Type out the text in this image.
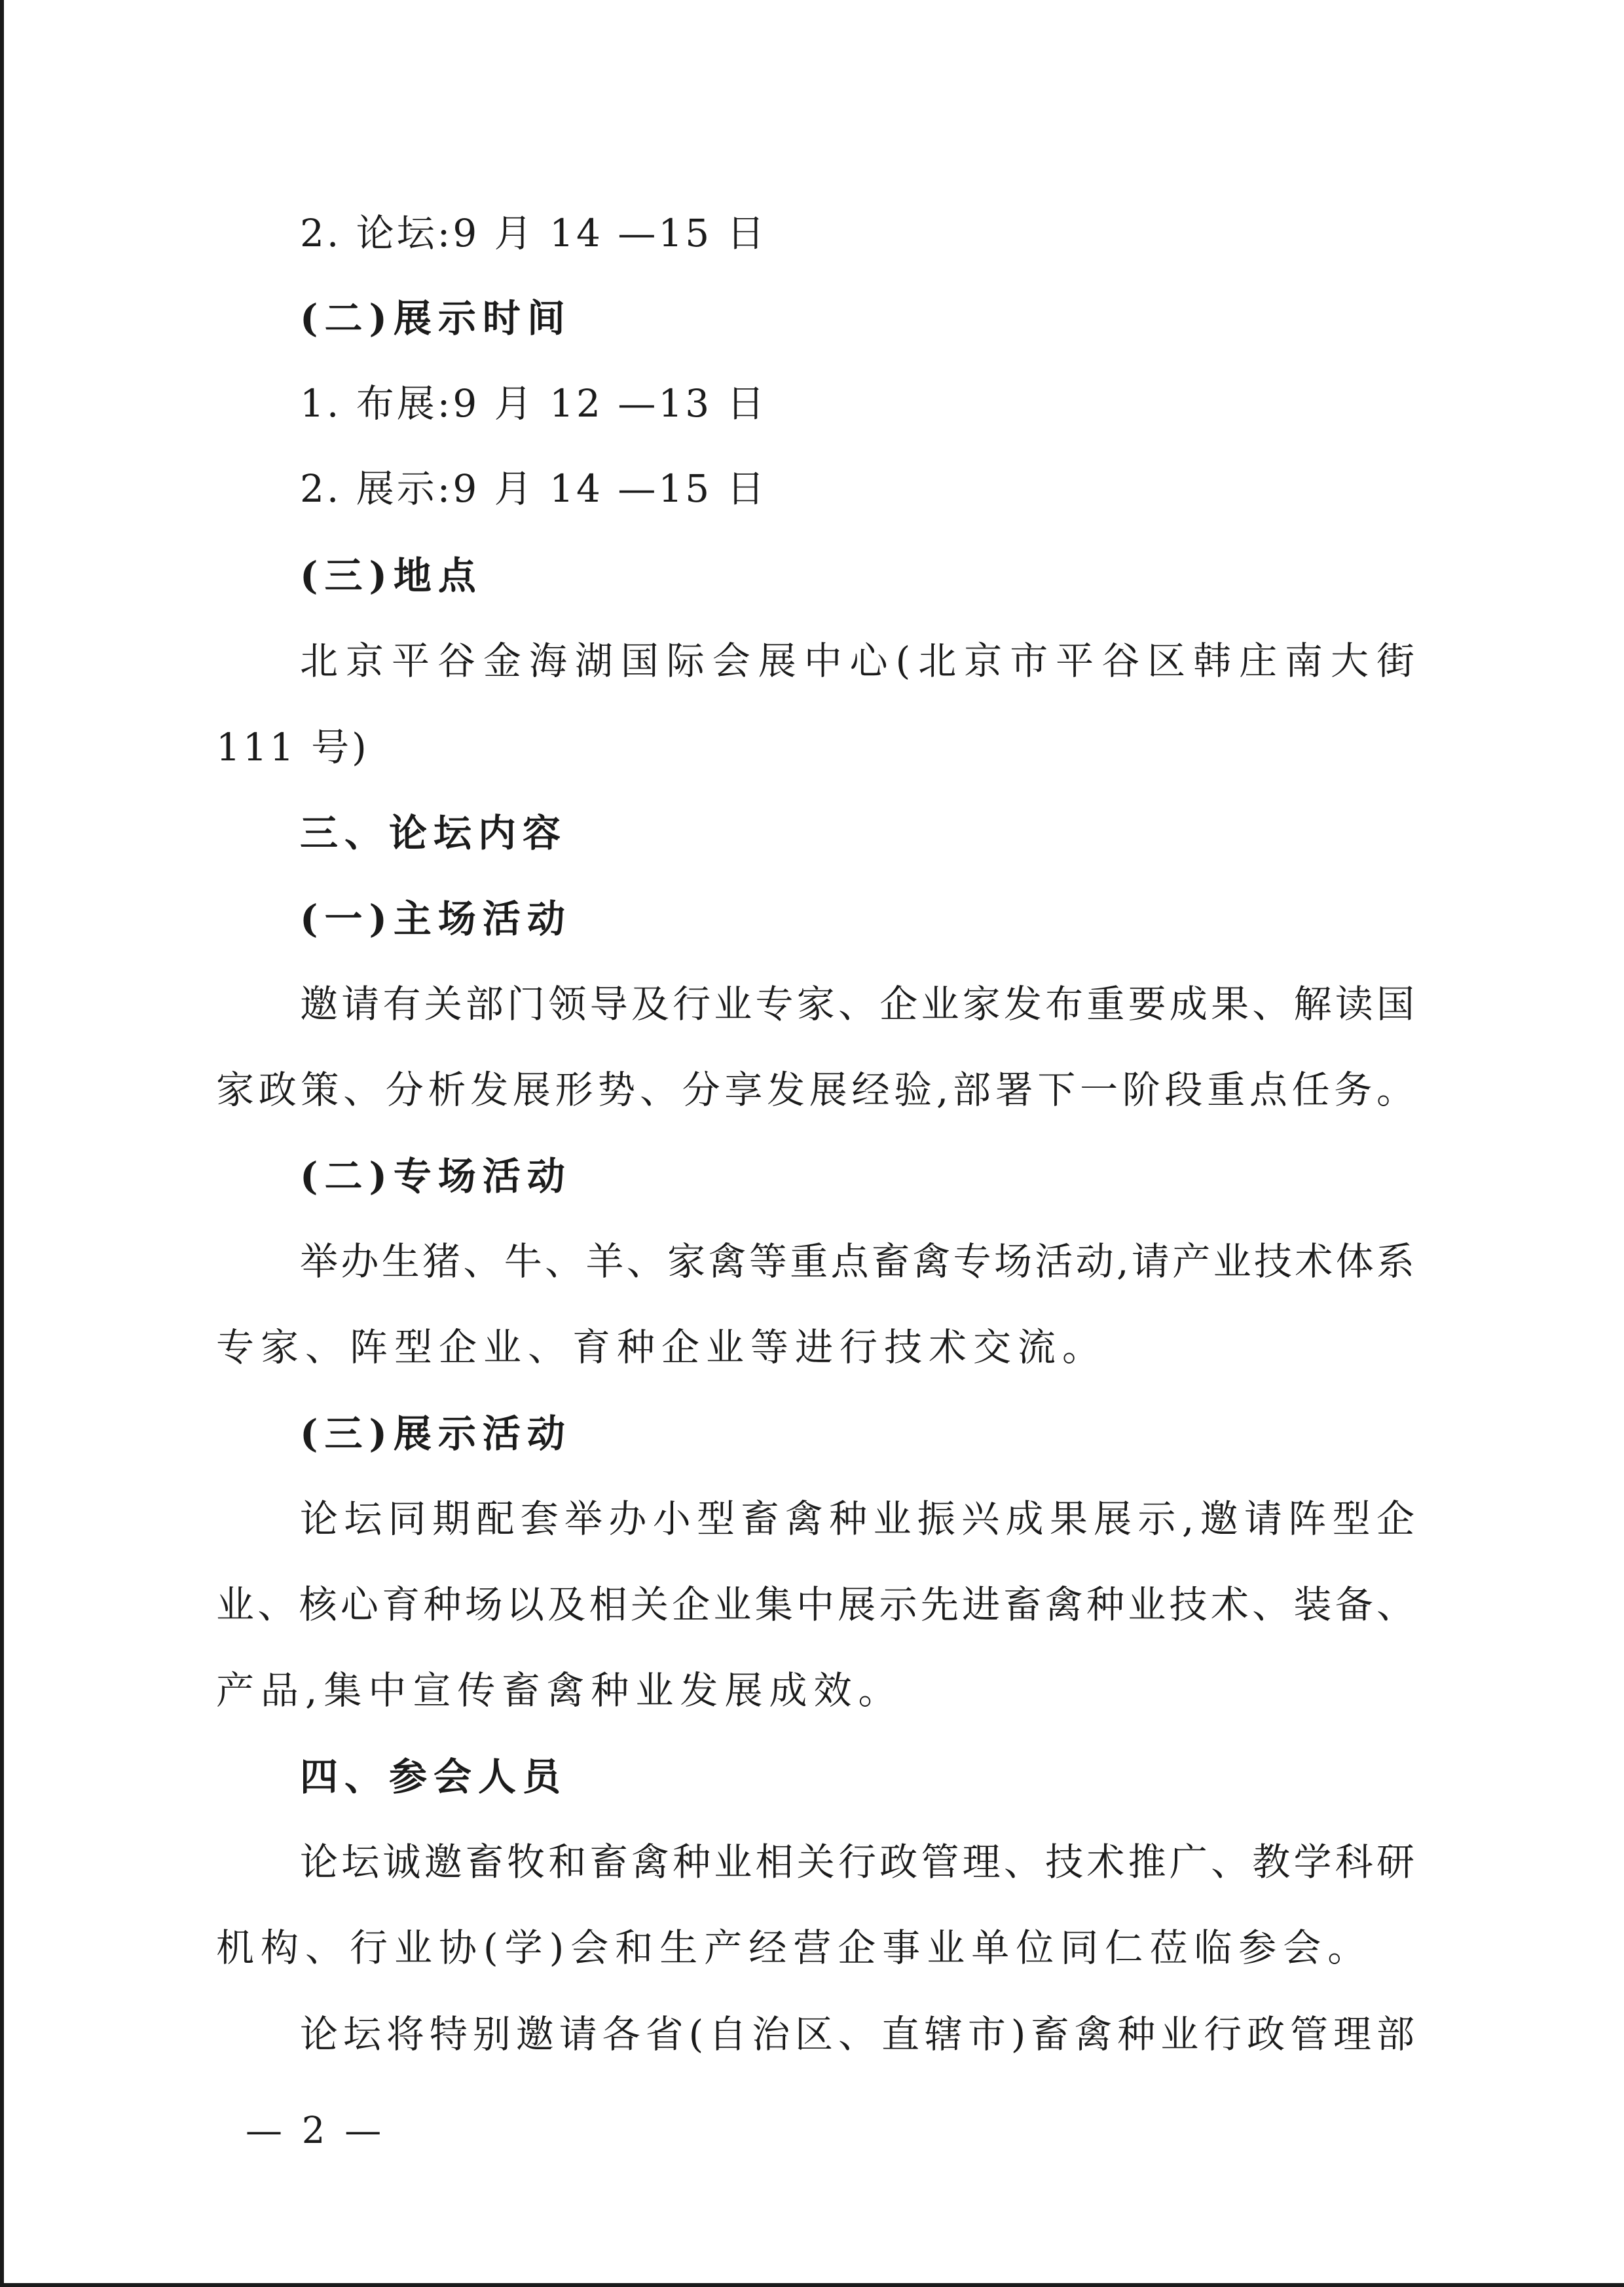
2. 论坛:9 月 14 —15 日
(二)展示时间
1. 布展:9 月 12 —13 日
2. 展示:9 月 14 —15 日
(三)地点
北京平谷金海湖国际会展中心(北京市平谷区韩庄南大街
111 号)
三、论坛内容
(一)主场活动
邀请有关部门领导及行业专家、企业家发布重要成果、解读国
家政策、分析发展形势、分享发展经验,部署下一阶段重点任务。
(二)专场活动
举办生猪、牛、羊、家禽等重点畜禽专场活动,请产业技术体系
专家、阵型企业、育种企业等进行技术交流。
(三)展示活动
论坛同期配套举办小型畜禽种业振兴成果展示,邀请阵型企
业、核心育种场以及相关企业集中展示先进畜禽种业技术、装备、
产品,集中宣传畜禽种业发展成效。
四、参会人员
论坛诚邀畜牧和畜禽种业相关行政管理、技术推广、教学科研
机构、行业协(学)会和生产经营企事业单位同仁莅临参会。
论坛将特别邀请各省(自治区、直辖市)畜禽种业行政管理部
— 2 —
